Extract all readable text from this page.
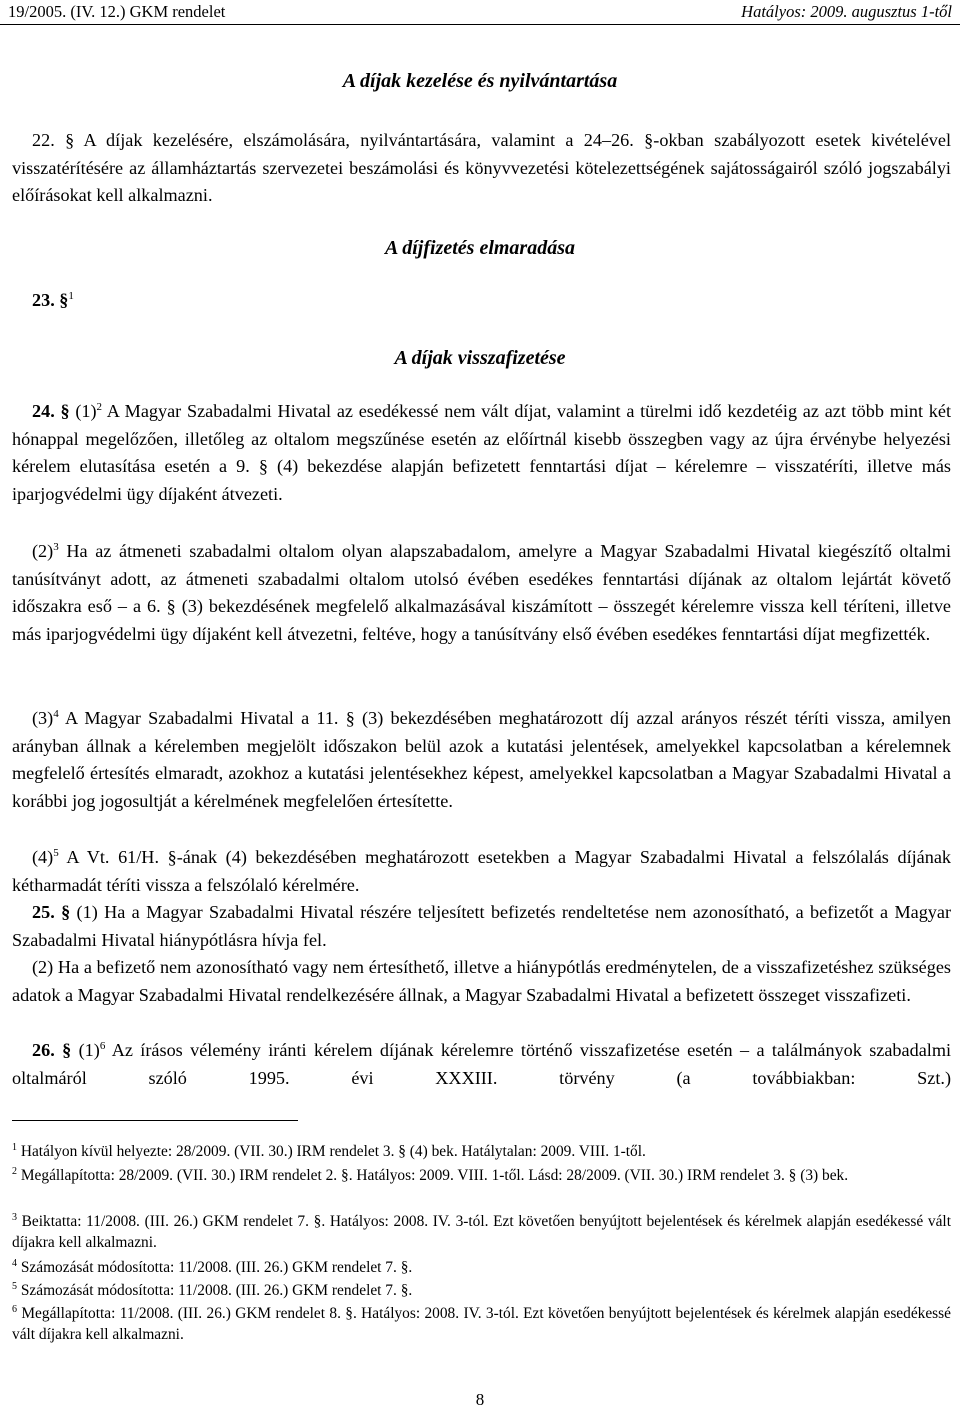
19/2005. (IV. 12.) GKM rendelet	Hatályos: 2009. augusztus 1-től
A díjak kezelése és nyilvántartása
22. § A díjak kezelésére, elszámolására, nyilvántartására, valamint a 24–26. §-okban szabályozott esetek kivételével visszatérítésére az államháztartás szervezetei beszámolási és könyvvezetési kötelezettségének sajátosságairól szóló jogszabályi előírásokat kell alkalmazni.
A díjfizetés elmaradása
23. §$^1$
A díjak visszafizetése
24. § $(1)^2$ A Magyar Szabadalmi Hivatal az esedékessé nem vált díjat, valamint a türelmi idő kezdetéig az azt több mint két hónappal megelőzően, illetőleg az oltalom megszűnése esetén az előírtnál kisebb összegben vagy az újra érvénybe helyezési kérelem elutasítása esetén a 9. § (4) bekezdése alapján befizetett fenntartási díjat – kérelemre – visszatéríti, illetve más iparjogvédelmi ügy díjaként átvezeti.
$(2)^3$ Ha az átmeneti szabadalmi oltalom olyan alapszabadalom, amelyre a Magyar Szabadalmi Hivatal kiegészítő oltalmi tanúsítványt adott, az átmeneti szabadalmi oltalom utolsó évében esedékes fenntartási díjának az oltalom lejártát követő időszakra eső – a 6. § (3) bekezdésének megfelelő alkalmazásával kiszámított – összegét kérelemre vissza kell téríteni, illetve más iparjogvédelmi ügy díjaként kell átvezetni, feltéve, hogy a tanúsítvány első évében esedékes fenntartási díjat megfizették.
$(3)^4$ A Magyar Szabadalmi Hivatal a 11. § (3) bekezdésében meghatározott díj azzal arányos részét téríti vissza, amilyen arányban állnak a kérelemben megjelölt időszakon belül azok a kutatási jelentések, amelyekkel kapcsolatban a kérelemnek megfelelő értesítés elmaradt, azokhoz a kutatási jelentésekhez képest, amelyekkel kapcsolatban a Magyar Szabadalmi Hivatal a korábbi jog jogosultját a kérelmének megfelelően értesítette.
$(4)^5$ A Vt. 61/H. §-ának (4) bekezdésében meghatározott esetekben a Magyar Szabadalmi Hivatal a felszólalás díjának kétharmadát téríti vissza a felszólaló kérelmére.
25. § (1) Ha a Magyar Szabadalmi Hivatal részére teljesített befizetés rendeltetése nem azonosítható, a befizetőt a Magyar Szabadalmi Hivatal hiánypótlásra hívja fel.
(2) Ha a befizető nem azonosítható vagy nem értesíthető, illetve a hiánypótlás eredménytelen, de a visszafizetéshez szükséges adatok a Magyar Szabadalmi Hivatal rendelkezésére állnak, a Magyar Szabadalmi Hivatal a befizetett összeget visszafizeti.
26. § $(1)^6$ Az írásos vélemény iránti kérelem díjának kérelemre történő visszafizetése esetén – a találmányok szabadalmi oltalmáról szóló 1995. évi XXXIII. törvény (a továbbiakban: Szt.)
$^1$ Hatályon kívül helyezte: 28/2009. (VII. 30.) IRM rendelet 3. § (4) bek. Hatálytalan: 2009. VIII. 1-től.
$^2$ Megállapította: 28/2009. (VII. 30.) IRM rendelet 2. §. Hatályos: 2009. VIII. 1-től. Lásd: 28/2009. (VII. 30.) IRM rendelet 3. § (3) bek.
$^3$ Beiktatta: 11/2008. (III. 26.) GKM rendelet 7. §. Hatályos: 2008. IV. 3-tól. Ezt követően benyújtott bejelentések és kérelmek alapján esedékessé vált díjakra kell alkalmazni.
$^4$ Számozását módosította: 11/2008. (III. 26.) GKM rendelet 7. §.
$^5$ Számozását módosította: 11/2008. (III. 26.) GKM rendelet 7. §.
$^6$ Megállapította: 11/2008. (III. 26.) GKM rendelet 8. §. Hatályos: 2008. IV. 3-tól. Ezt követően benyújtott bejelentések és kérelmek alapján esedékessé vált díjakra kell alkalmazni.
8
